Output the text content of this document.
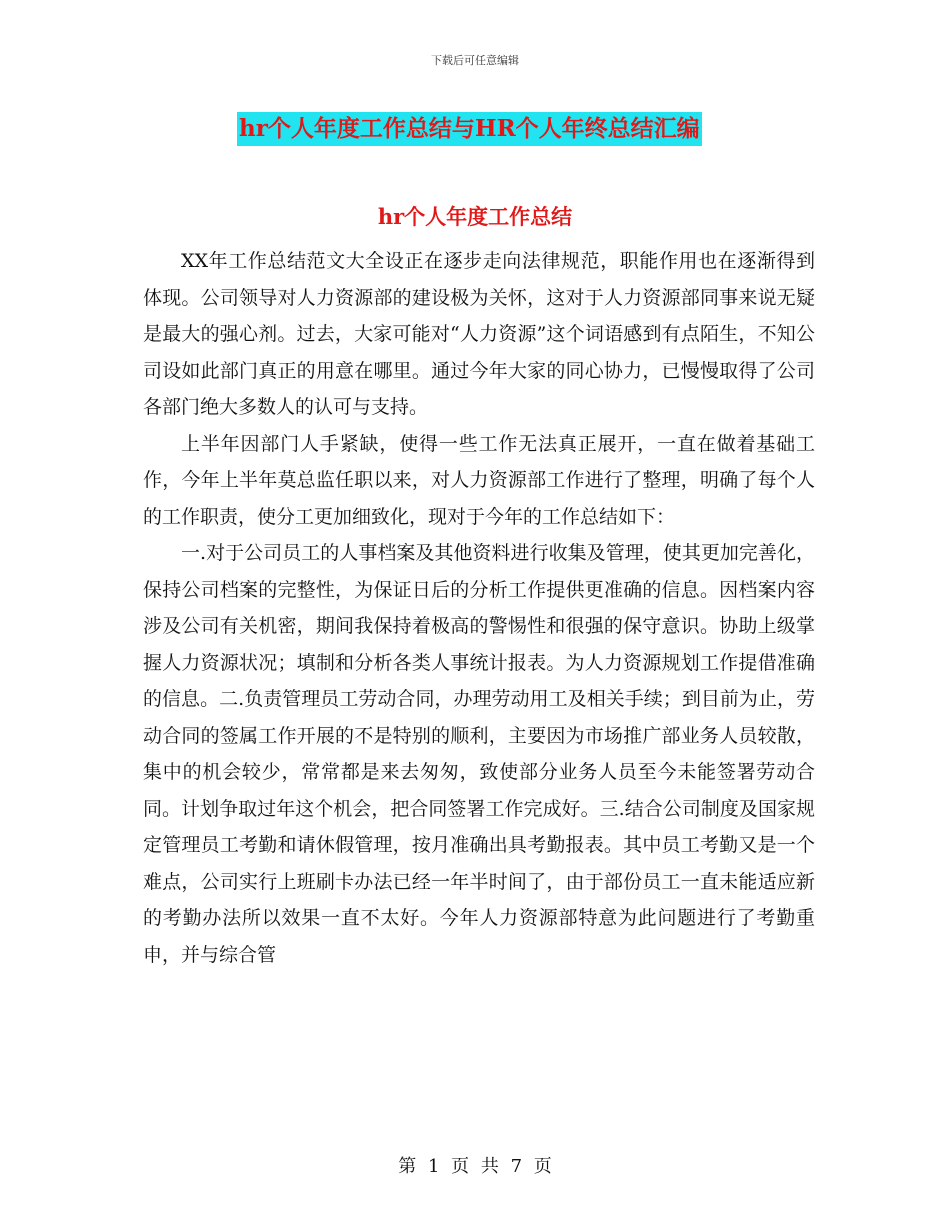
下载后可任意编辑
hr个人年度工作总结与HR个人年终总结汇编
hr个人年度工作总结

XX年工作总结范文大全设正在逐步走向法律规范，职能作用也在逐渐得到体现。公司领导对人力资源部的建设极为关怀，这对于人力资源部同事来说无疑是最大的强心剂。过去，大家可能对“人力资源”这个词语感到有点陌生，不知公司设如此部门真正的用意在哪里。通过今年大家的同心协力，已慢慢取得了公司各部门绝大多数人的认可与支持。

上半年因部门人手紧缺，使得一些工作无法真正展开，一直在做着基础工作，今年上半年莫总监任职以来，对人力资源部工作进行了整理，明确了每个人的工作职责，使分工更加细致化，现对于今年的工作总结如下：

一.对于公司员工的人事档案及其他资料进行收集及管理，使其更加完善化，保持公司档案的完整性，为保证日后的分析工作提供更准确的信息。因档案内容涉及公司有关机密，期间我保持着极高的警惕性和很强的保守意识。协助上级掌握人力资源状况；填制和分析各类人事统计报表。为人力资源规划工作提借准确的信息。二.负责管理员工劳动合同，办理劳动用工及相关手续；到目前为止，劳动合同的签属工作开展的不是特别的顺利，主要因为市场推广部业务人员较散，集中的机会较少，常常都是来去匆匆，致使部分业务人员至今未能签署劳动合同。计划争取过年这个机会，把合同签署工作完成好。三.结合公司制度及国家规定管理员工考勤和请休假管理，按月准确出具考勤报表。其中员工考勤又是一个难点，公司实行上班刷卡办法已经一年半时间了，由于部份员工一直未能适应新的考勤办法所以效果一直不太好。今年人力资源部特意为此问题进行了考勤重申，并与综合管

第 1 页 共 7 页
